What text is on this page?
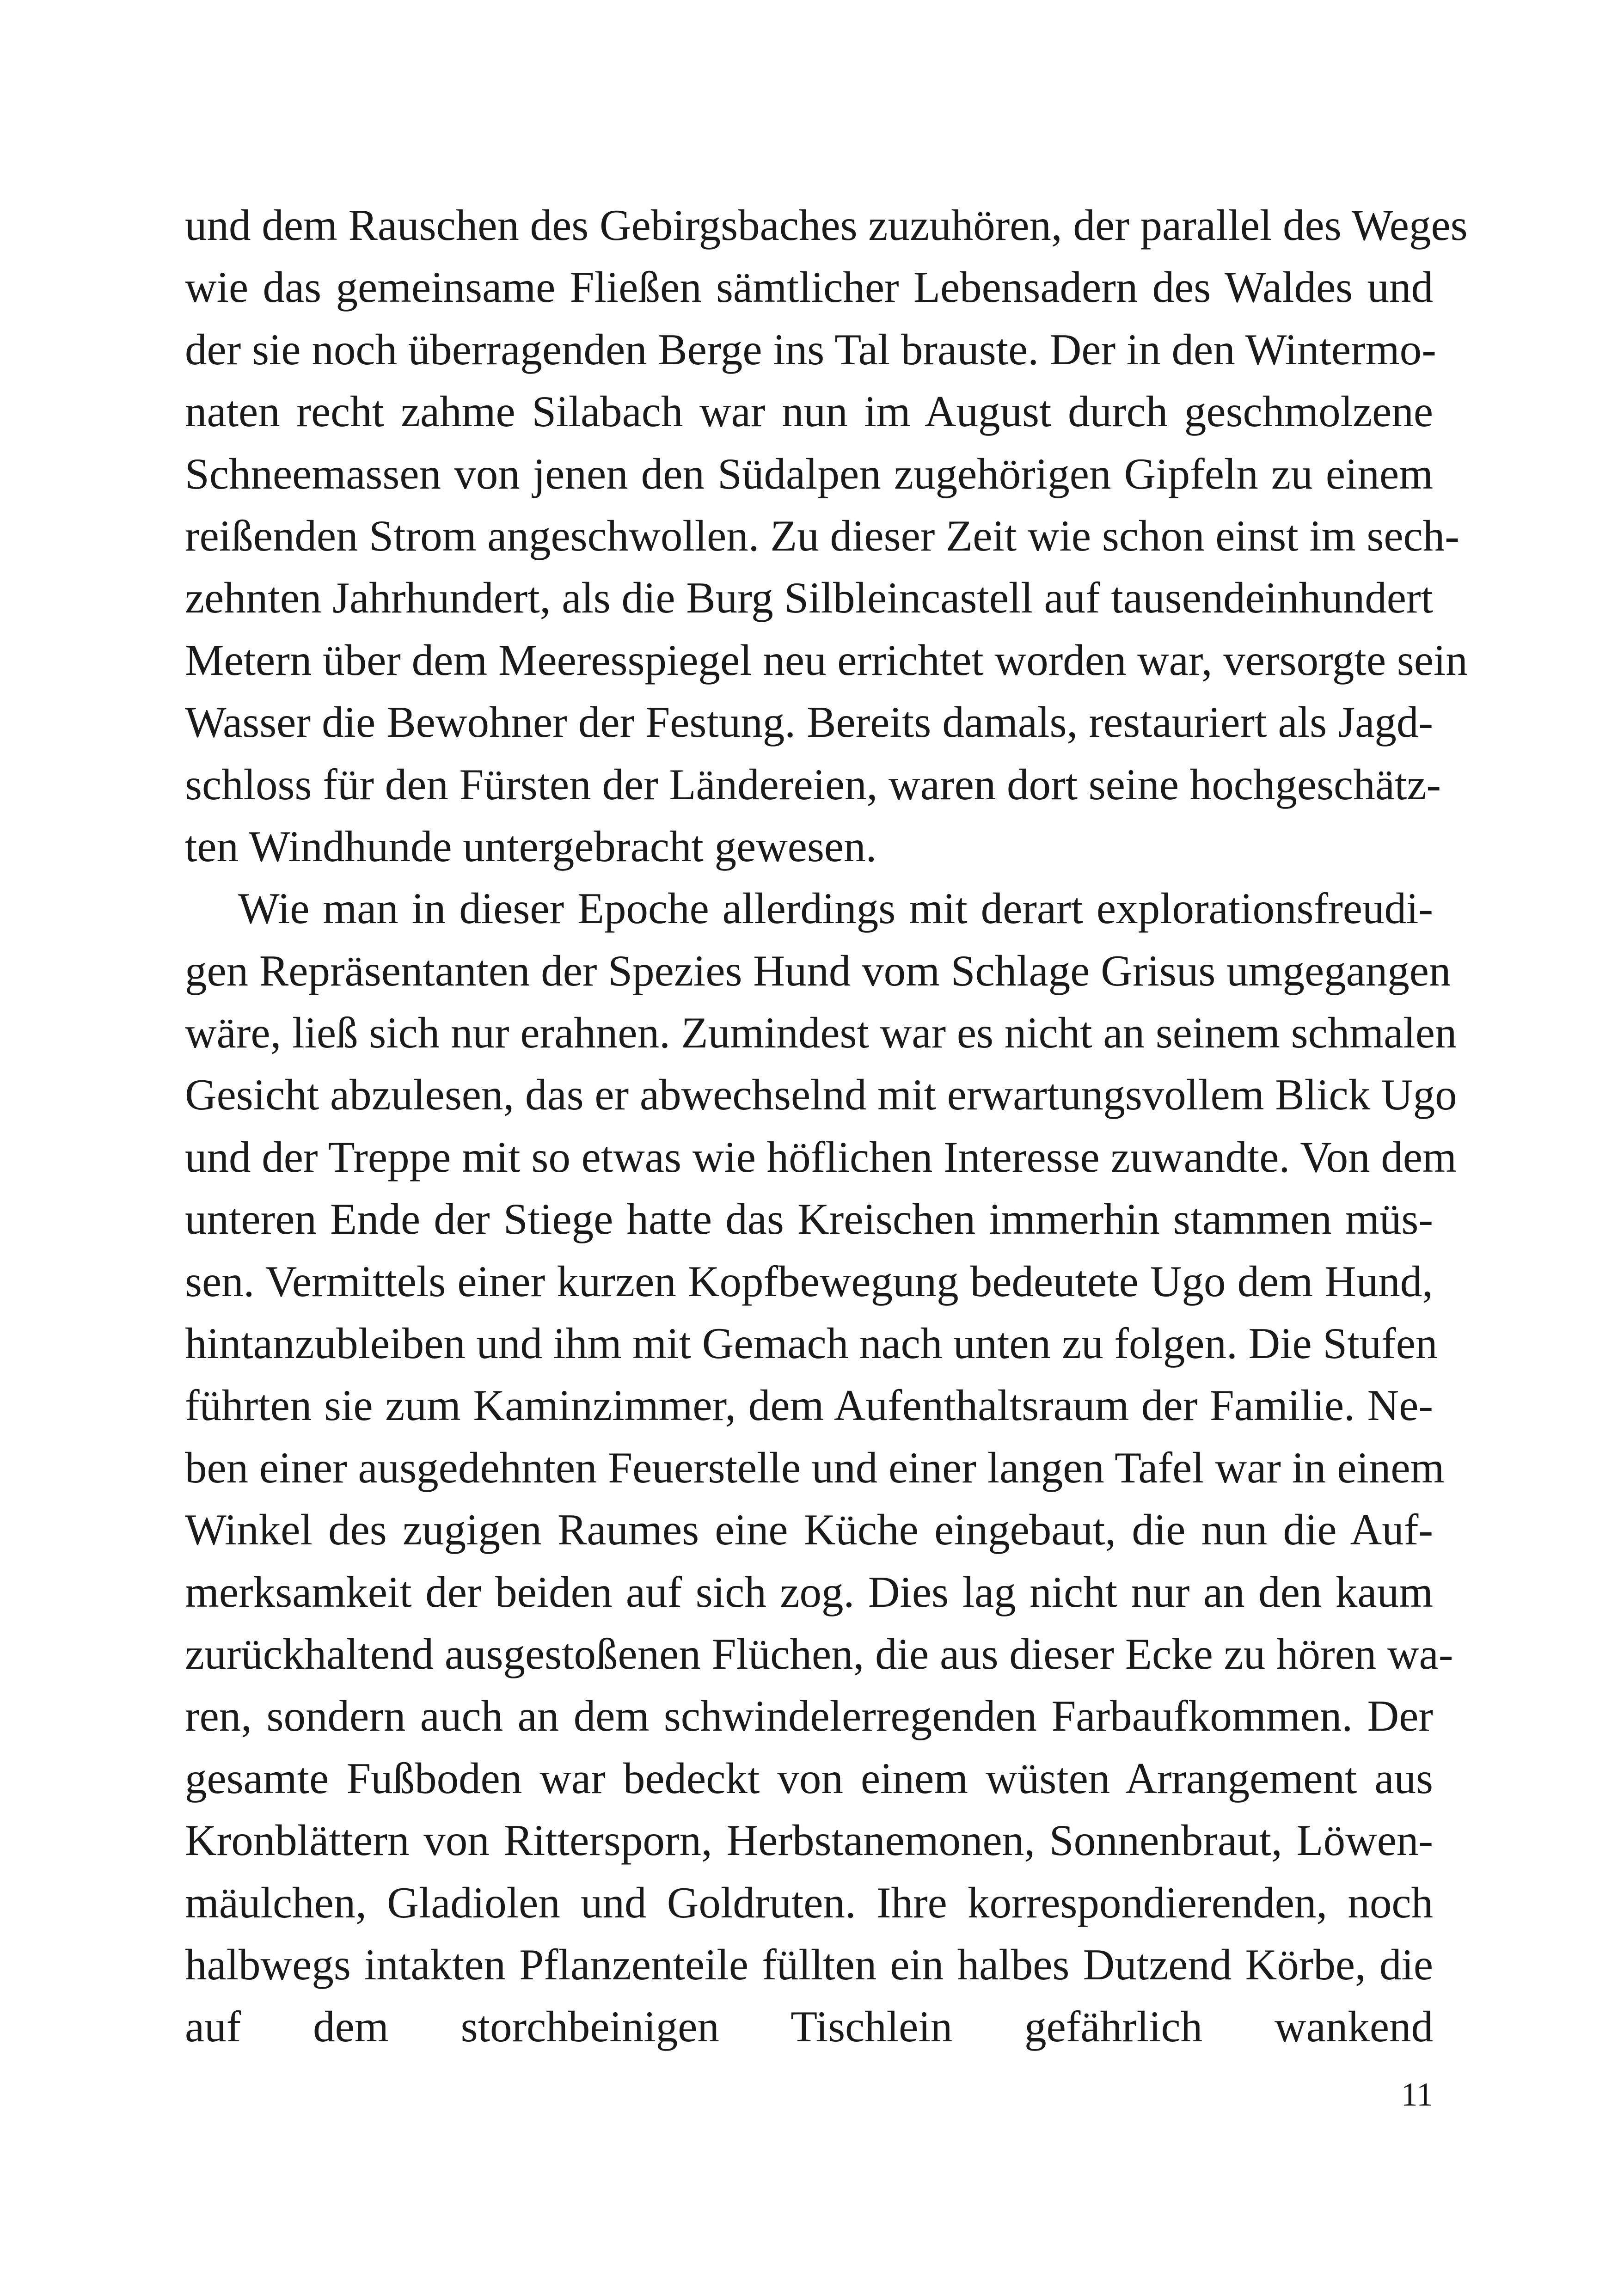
und dem Rauschen des Gebirgsbaches zuzuhören, der parallel des Weges
wie das gemeinsame Fließen sämtlicher Lebensadern des Waldes und
der sie noch überragenden Berge ins Tal brauste. Der in den Wintermo-
naten recht zahme Silabach war nun im August durch geschmolzene
Schneemassen von jenen den Südalpen zugehörigen Gipfeln zu einem
reißenden Strom angeschwollen. Zu dieser Zeit wie schon einst im sech-
zehnten Jahrhundert, als die Burg Silbleincastell auf tausendeinhundert
Metern über dem Meeresspiegel neu errichtet worden war, versorgte sein
Wasser die Bewohner der Festung. Bereits damals, restauriert als Jagd-
schloss für den Fürsten der Ländereien, waren dort seine hochgeschätz-
ten Windhunde untergebracht gewesen.
Wie man in dieser Epoche allerdings mit derart explorationsfreudi-
gen Repräsentanten der Spezies Hund vom Schlage Grisus umgegangen
wäre, ließ sich nur erahnen. Zumindest war es nicht an seinem schmalen
Gesicht abzulesen, das er abwechselnd mit erwartungsvollem Blick Ugo
und der Treppe mit so etwas wie höflichen Interesse zuwandte. Von dem
unteren Ende der Stiege hatte das Kreischen immerhin stammen müs-
sen. Vermittels einer kurzen Kopfbewegung bedeutete Ugo dem Hund,
hintanzubleiben und ihm mit Gemach nach unten zu folgen. Die Stufen
führten sie zum Kaminzimmer, dem Aufenthaltsraum der Familie. Ne-
ben einer ausgedehnten Feuerstelle und einer langen Tafel war in einem
Winkel des zugigen Raumes eine Küche eingebaut, die nun die Auf-
merksamkeit der beiden auf sich zog. Dies lag nicht nur an den kaum
zurückhaltend ausgestoßenen Flüchen, die aus dieser Ecke zu hören wa-
ren, sondern auch an dem schwindelerregenden Farbaufkommen. Der
gesamte Fußboden war bedeckt von einem wüsten Arrangement aus
Kronblättern von Rittersporn, Herbstanemonen, Sonnenbraut, Löwen-
mäulchen, Gladiolen und Goldruten. Ihre korrespondierenden, noch
halbwegs intakten Pflanzenteile füllten ein halbes Dutzend Körbe, die
auf dem storchbeinigen Tischlein gefährlich wankend
11
